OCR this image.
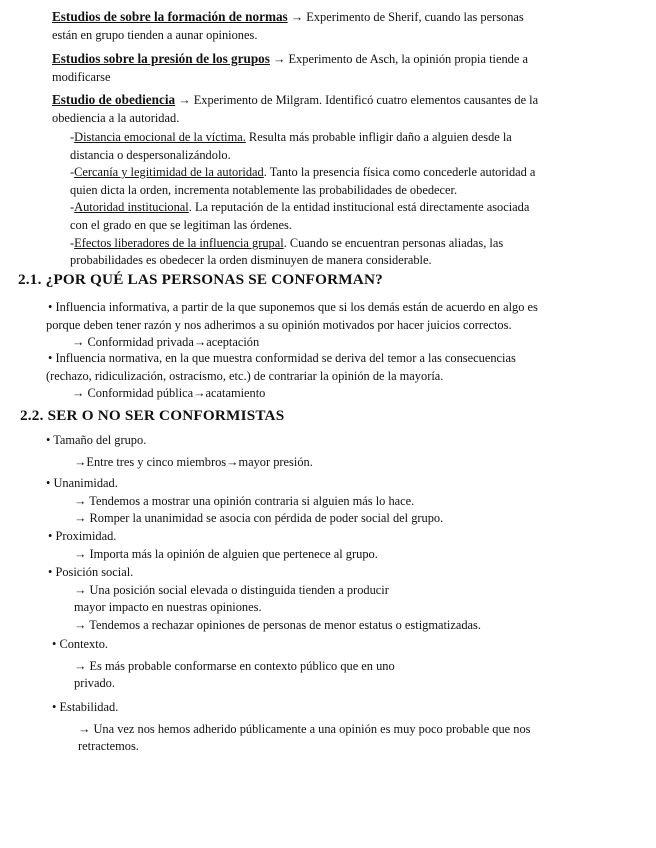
Estudios de sobre la formación de normas → Experimento de Sherif, cuando las personas

están en grupo tienden a aunar opiniones.

Estudios sobre la presión de los grupos → Experimento de Asch, la opinión propia tiende a

modificarse

Estudio de obediencia → Experimento de Milgram. Identificó cuatro elementos causantes de la

obediencia a la autoridad.

-Distancia emocional de la víctima. Resulta más probable infligir daño a alguien desde la

distancia o despersonalizándolo.

-Cercanía y legitimidad de la autoridad. Tanto la presencia física como concederle autoridad a

quien dicta la orden, incrementa notablemente las probabilidades de obedecer.

-Autoridad institucional. La reputación de la entidad institucional está directamente asociada

con el grado en que se legitiman las órdenes.

-Efectos liberadores de la influencia grupal. Cuando se encuentran personas aliadas, las

probabilidades es obedecer la orden disminuyen de manera considerable.

2.1. ¿POR QUÉ LAS PERSONAS SE CONFORMAN?

• Influencia informativa, a partir de la que suponemos que si los demás están de acuerdo en algo es

porque deben tener razón y nos adherimos a su opinión motivados por hacer juicios correctos.

→ Conformidad privada→aceptación

• Influencia normativa, en la que muestra conformidad se deriva del temor a las consecuencias

(rechazo, ridiculización, ostracismo, etc.) de contrariar la opinión de la mayoría.

→ Conformidad pública→acatamiento

2.2. SER O NO SER CONFORMISTAS

• Tamaño del grupo.

→Entre tres y cinco miembros→mayor presión.

• Unanimidad.

→ Tendemos a mostrar una opinión contraria si alguien más lo hace.

→ Romper la unanimidad se asocia con pérdida de poder social del grupo.

• Proximidad.

→ Importa más la opinión de alguien que pertenece al grupo.

• Posición social.

→ Una posición social elevada o distinguida tienden a producir

mayor impacto en nuestras opiniones.

→ Tendemos a rechazar opiniones de personas de menor estatus o estigmatizadas.

• Contexto.

→ Es más probable conformarse en contexto público que en uno

privado.

• Estabilidad.

→ Una vez nos hemos adherido públicamente a una opinión es muy poco probable que nos

retractemos.
